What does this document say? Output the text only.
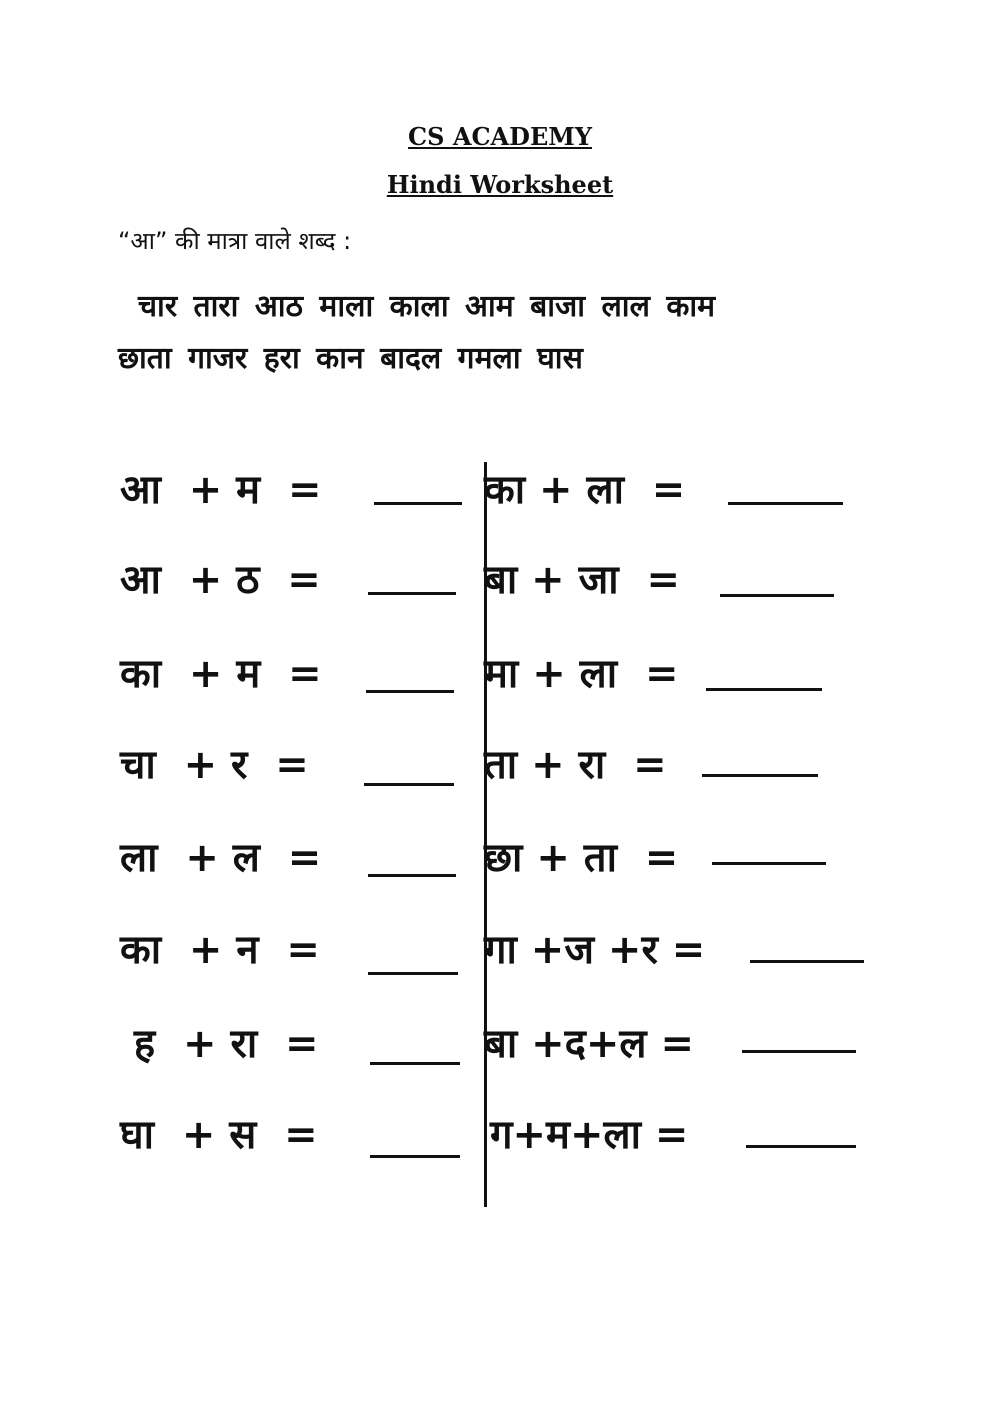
CS ACADEMY
Hindi Worksheet
“आ” की मात्रा वाले शब्द :
चार तारा आठ माला काला आम बाजा लाल काम
छाता गाजर हरा कान बादल गमला घास
आ  + म  =
आ  + ठ  =
का  + म  =
चा  + र  =
ला  + ल  =
का  + न  =
ह  + रा  =
घा  + स  =
का + ला  =
बा + जा  =
मा + ला  =
ता + रा  =
छा + ता  =
गा +ज +र =
बा +द+ल =
ग+म+ला =
